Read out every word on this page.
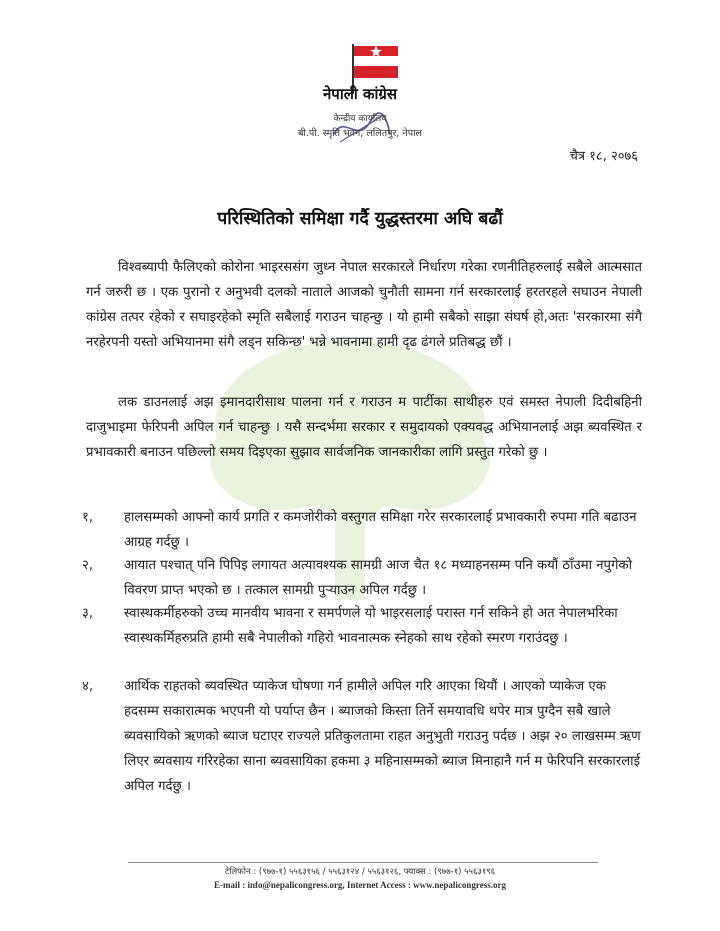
नेपाली कांग्रेस
केन्द्रीय कार्यालय
बी.पी. स्मृति भवन, ललितपुर, नेपाल
चैत्र १८, २०७६
परिस्थितिको समिक्षा गर्दै युद्धस्तरमा अघि बढौं

विश्वब्यापी फैलिएको कोरोना भाइरससंग जुध्न नेपाल सरकारले निर्धारण गरेका रणनीतिहरुलाई सबैले आत्मसात गर्न जरुरी छ । एक पुरानो र अनुभवी दलको नाताले आजको चुनौती सामना गर्न सरकारलाई हरतरहले सघाउन नेपाली कांग्रेस तत्पर रहेको र सघाइरहेको स्मृति सबैलाई गराउन चाहन्छु । यो हामी सबैको साझा संघर्ष हो,अतः 'सरकारमा संगै नरहेरपनी यस्तो अभियानमा संगै लड्न सकिन्छ' भन्ने भावनामा हामी दृढ ढंगले प्रतिबद्ध छौं ।

लक डाउनलाई अझ इमानदारीसाथ पालना गर्न र गराउन म पार्टीका साथीहरु एवं समस्त नेपाली दिदीबहिनी दाजुभाइमा फेरिपनी अपिल गर्न चाहन्छु । यसै सन्दर्भमा सरकार र समुदायको एक्यवद्ध अभियानलाई अझ ब्यवस्थित र प्रभावकारी बनाउन पछिल्लो समय दिइएका सुझाव सार्वजनिक जानकारीका लागि प्रस्तुत गरेको छु ।

१, हालसम्मको आफ्नो कार्य प्रगति र कमजोरीको वस्तुगत समिक्षा गरेर सरकारलाई प्रभावकारी रुपमा गति बढाउन आग्रह गर्दछु ।
२, आयात पश्चात् पनि पिपिइ लगायत अत्यावश्यक सामग्री आज चैत १८ मध्याहनसम्म पनि कयौं ठाँउमा नपुगेको विवरण प्राप्त भएको छ । तत्काल सामग्री पुऱ्याउन अपिल गर्दछु ।
३, स्वास्थकर्मीहरुको उच्च मानवीय भावना र समर्पणले यो भाइरसलाई परास्त गर्न सकिने हो अत नेपालभरिका स्वास्थकर्मिहरुप्रति हामी सबै नेपालीको गहिरो भावनात्मक स्नेहको साथ रहेको स्मरण गराउंदछु ।
४, आर्थिक राहतको ब्यवस्थित प्याकेज घोषणा गर्न हामीले अपिल गरि आएका थियौं । आएको प्याकेज एक हदसम्म सकारात्मक भएपनी यो पर्याप्त छैन । ब्याजको किस्ता तिर्ने समयावधि थपेर मात्र पुग्दैन सबै खाले ब्यवसायिको ऋणको ब्याज घटाएर राज्यले प्रतिकुलतामा राहत अनुभुती गराउनु पर्दछ । अझ २० लाखसम्म ऋण लिएर ब्यवसाय गरिरहेका साना ब्यवसायिका हकमा ३ महिनासम्मको ब्याज मिनाहानै गर्न म फेरिपनि सरकारलाई अपिल गर्दछु ।
टेलिफोन : (९७७-१) ५५६३१५६ / ५५६३१२४ / ५५६३१२६, फ्याक्स : (९७७-१) ५५६३१९६
E-mail : info@nepalicongress.org, Internet Access : www.nepalicongress.org
